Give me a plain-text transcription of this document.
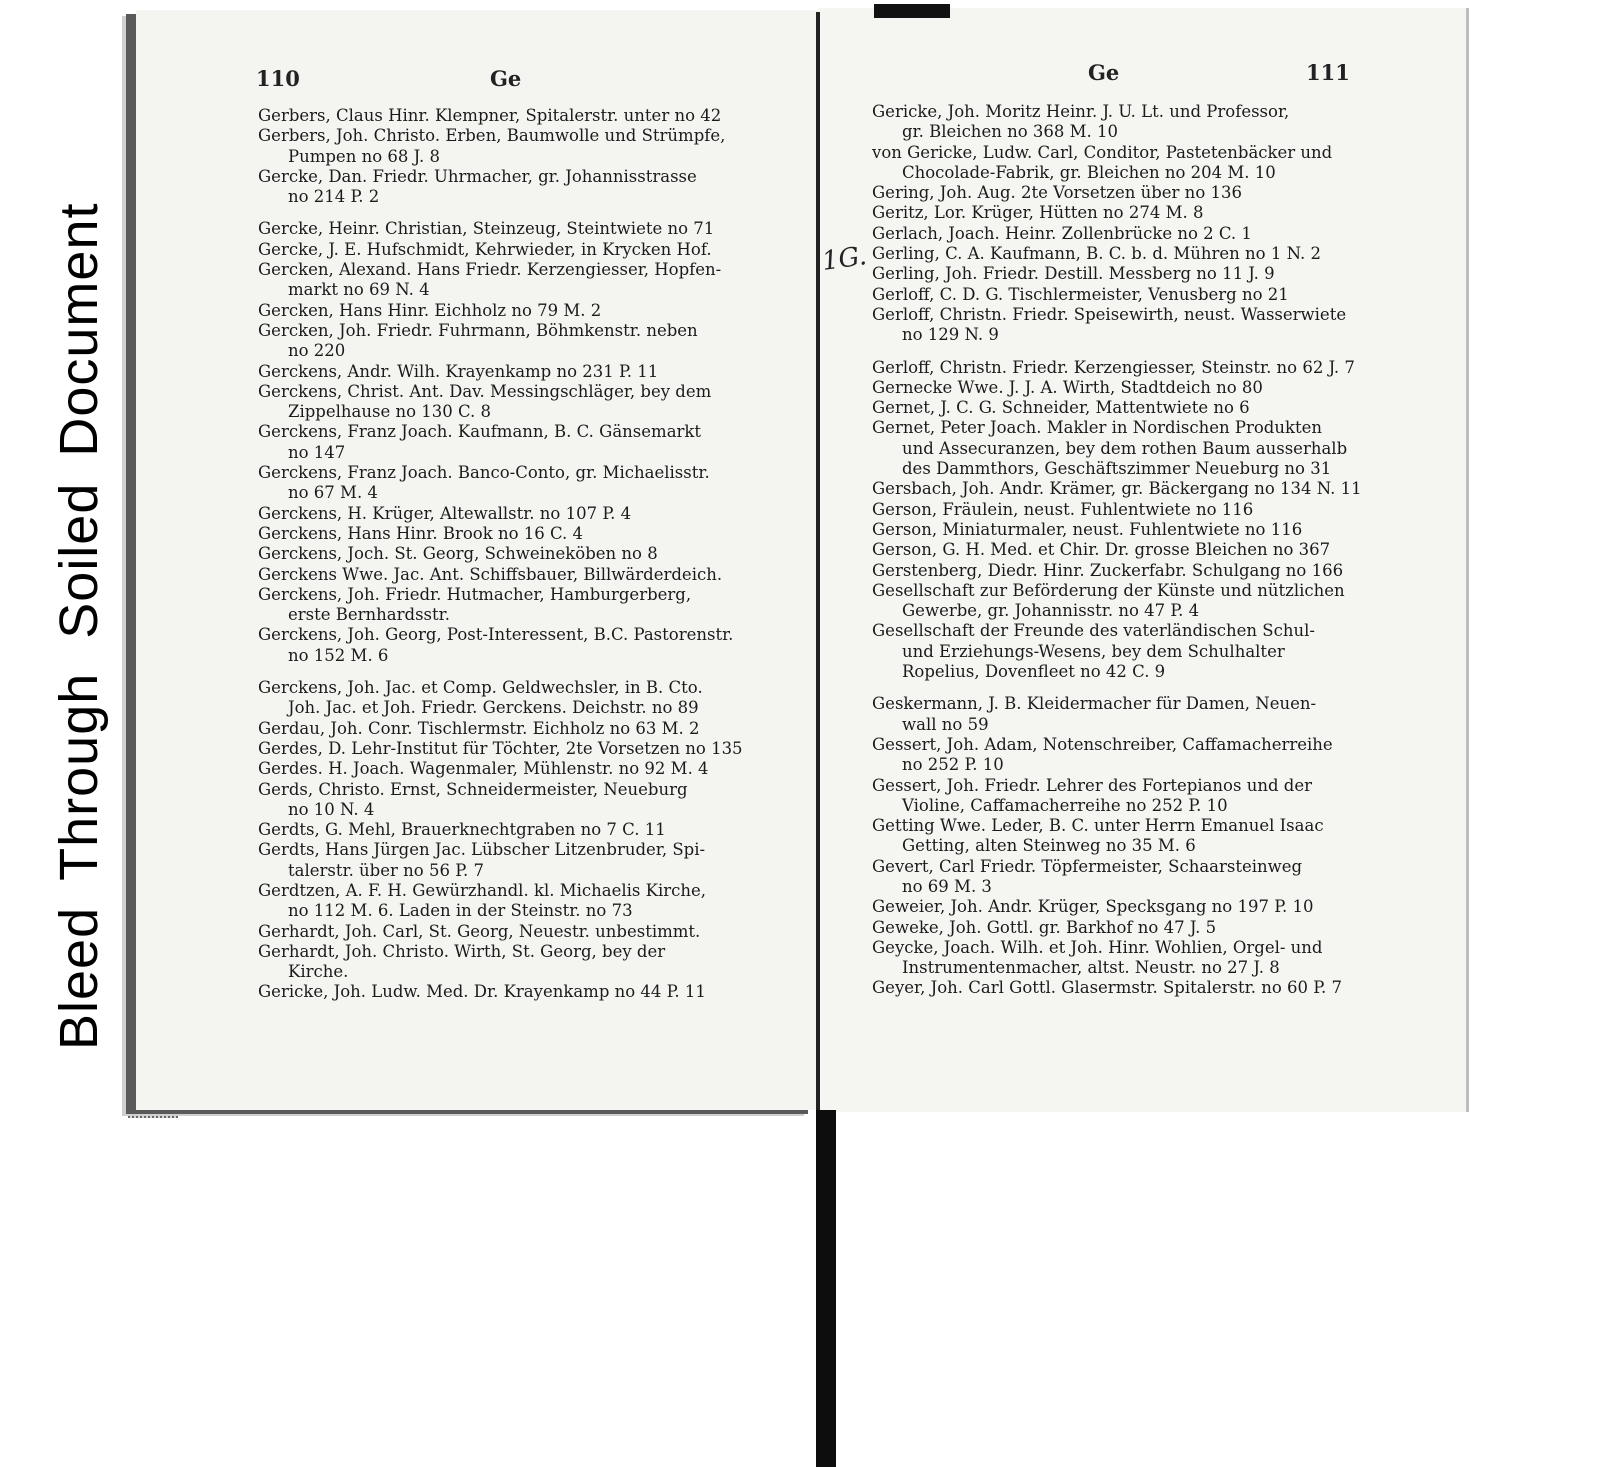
BleedThroughSoiledDocument
110	Ge	Ge	111
1G.
Gerbers, Claus Hinr. Klempner, Spitalerstr. unter no 42
Gerbers, Joh. Christo. Erben, Baumwolle und Strümpfe,
Pumpen no 68 J. 8
Gercke, Dan. Friedr. Uhrmacher, gr. Johannisstrasse
no 214 P. 2
Gercke, Heinr. Christian, Steinzeug, Steintwiete no 71
Gercke, J. E. Hufschmidt, Kehrwieder, in Krycken Hof.
Gercken, Alexand. Hans Friedr. Kerzengiesser, Hopfen-
markt no 69 N. 4
Gercken, Hans Hinr. Eichholz no 79 M. 2
Gercken, Joh. Friedr. Fuhrmann, Böhmkenstr. neben
no 220
Gerckens, Andr. Wilh. Krayenkamp no 231 P. 11
Gerckens, Christ. Ant. Dav. Messingschläger, bey dem
Zippelhause no 130 C. 8
Gerckens, Franz Joach. Kaufmann, B. C. Gänsemarkt
no 147
Gerckens, Franz Joach. Banco-Conto, gr. Michaelisstr.
no 67 M. 4
Gerckens, H. Krüger, Altewallstr. no 107 P. 4
Gerckens, Hans Hinr. Brook no 16 C. 4
Gerckens, Joch. St. Georg, Schweineköben no 8
Gerckens Wwe. Jac. Ant. Schiffsbauer, Billwärderdeich.
Gerckens, Joh. Friedr. Hutmacher, Hamburgerberg,
erste Bernhardsstr.
Gerckens, Joh. Georg, Post-Interessent, B.C. Pastorenstr.
no 152 M. 6
Gerckens, Joh. Jac. et Comp. Geldwechsler, in B. Cto.
Joh. Jac. et Joh. Friedr. Gerckens. Deichstr. no 89
Gerdau, Joh. Conr. Tischlermstr. Eichholz no 63 M. 2
Gerdes, D. Lehr-Institut für Töchter, 2te Vorsetzen no 135
Gerdes. H. Joach. Wagenmaler, Mühlenstr. no 92 M. 4
Gerds, Christo. Ernst, Schneidermeister, Neueburg
no 10 N. 4
Gerdts, G. Mehl, Brauerknechtgraben no 7 C. 11
Gerdts, Hans Jürgen Jac. Lübscher Litzenbruder, Spi-
talerstr. über no 56 P. 7
Gerdtzen, A. F. H. Gewürzhandl. kl. Michaelis Kirche,
no 112 M. 6. Laden in der Steinstr. no 73
Gerhardt, Joh. Carl, St. Georg, Neuestr. unbestimmt.
Gerhardt, Joh. Christo. Wirth, St. Georg, bey der
Kirche.
Gericke, Joh. Ludw. Med. Dr. Krayenkamp no 44 P. 11
Gericke, Joh. Moritz Heinr. J. U. Lt. und Professor,
gr. Bleichen no 368 M. 10
von Gericke, Ludw. Carl, Conditor, Pastetenbäcker und
Chocolade-Fabrik, gr. Bleichen no 204 M. 10
Gering, Joh. Aug. 2te Vorsetzen über no 136
Geritz, Lor. Krüger, Hütten no 274 M. 8
Gerlach, Joach. Heinr. Zollenbrücke no 2 C. 1
Gerling, C. A. Kaufmann, B. C. b. d. Mühren no 1 N. 2
Gerling, Joh. Friedr. Destill. Messberg no 11 J. 9
Gerloff, C. D. G. Tischlermeister, Venusberg no 21
Gerloff, Christn. Friedr. Speisewirth, neust. Wasserwiete
no 129 N. 9
Gerloff, Christn. Friedr. Kerzengiesser, Steinstr. no 62 J. 7
Gernecke Wwe. J. J. A. Wirth, Stadtdeich no 80
Gernet, J. C. G. Schneider, Mattentwiete no 6
Gernet, Peter Joach. Makler in Nordischen Produkten
und Assecuranzen, bey dem rothen Baum ausserhalb
des Dammthors, Geschäftszimmer Neueburg no 31
Gersbach, Joh. Andr. Krämer, gr. Bäckergang no 134 N. 11
Gerson, Fräulein, neust. Fuhlentwiete no 116
Gerson, Miniaturmaler, neust. Fuhlentwiete no 116
Gerson, G. H. Med. et Chir. Dr. grosse Bleichen no 367
Gerstenberg, Diedr. Hinr. Zuckerfabr. Schulgang no 166
Gesellschaft zur Beförderung der Künste und nützlichen
Gewerbe, gr. Johannisstr. no 47 P. 4
Gesellschaft der Freunde des vaterländischen Schul-
und Erziehungs-Wesens, bey dem Schulhalter
Ropelius, Dovenfleet no 42 C. 9
Geskermann, J. B. Kleidermacher für Damen, Neuen-
wall no 59
Gessert, Joh. Adam, Notenschreiber, Caffamacherreihe
no 252 P. 10
Gessert, Joh. Friedr. Lehrer des Fortepianos und der
Violine, Caffamacherreihe no 252 P. 10
Getting Wwe. Leder, B. C. unter Herrn Emanuel Isaac
Getting, alten Steinweg no 35 M. 6
Gevert, Carl Friedr. Töpfermeister, Schaarsteinweg
no 69 M. 3
Geweier, Joh. Andr. Krüger, Specksgang no 197 P. 10
Geweke, Joh. Gottl. gr. Barkhof no 47 J. 5
Geycke, Joach. Wilh. et Joh. Hinr. Wohlien, Orgel- und
Instrumentenmacher, altst. Neustr. no 27 J. 8
Geyer, Joh. Carl Gottl. Glasermstr. Spitalerstr. no 60 P. 7
